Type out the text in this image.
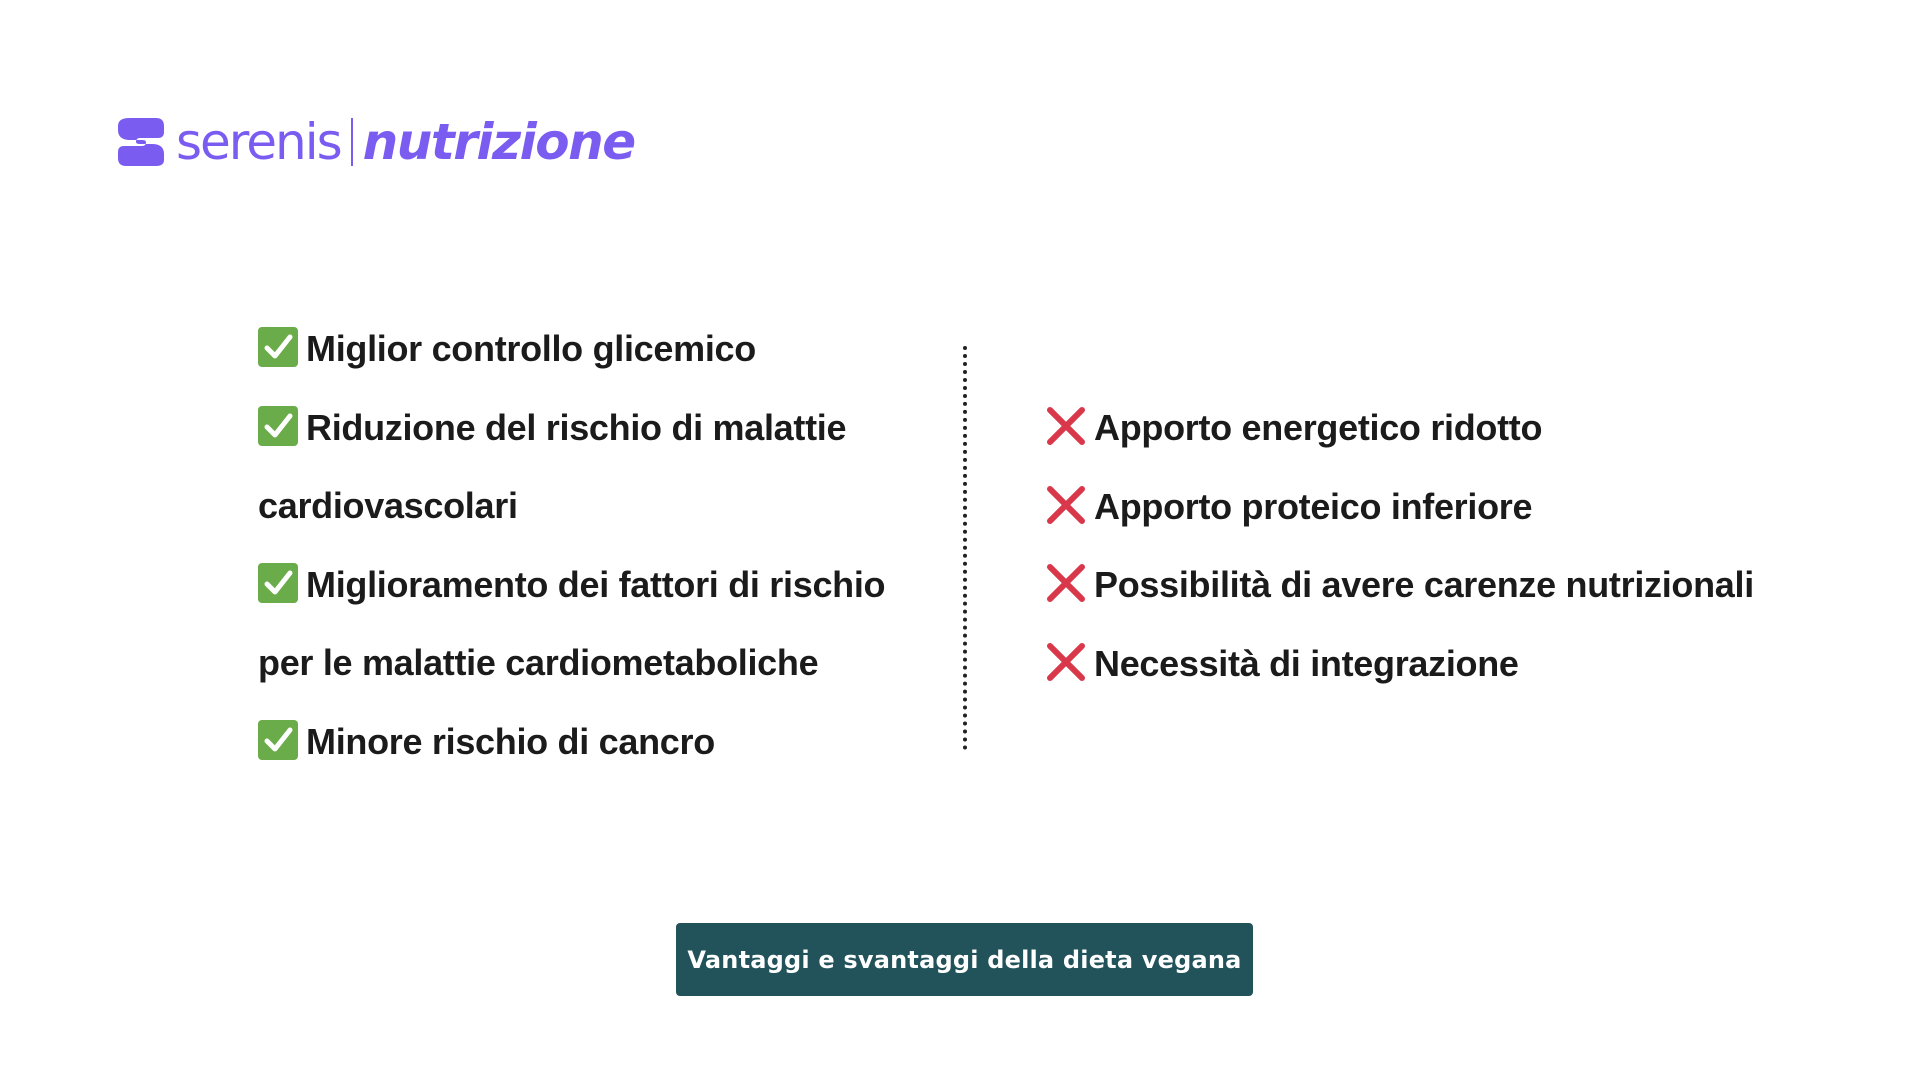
serenis nutrizione
Miglior controllo glicemico
Riduzione del rischio di malattie cardiovascolari
Miglioramento dei fattori di rischio per le malattie cardiometaboliche
Minore rischio di cancro
Apporto energetico ridotto
Apporto proteico inferiore
Possibilità di avere carenze nutrizionali
Necessità di integrazione
Vantaggi e svantaggi della dieta vegana
